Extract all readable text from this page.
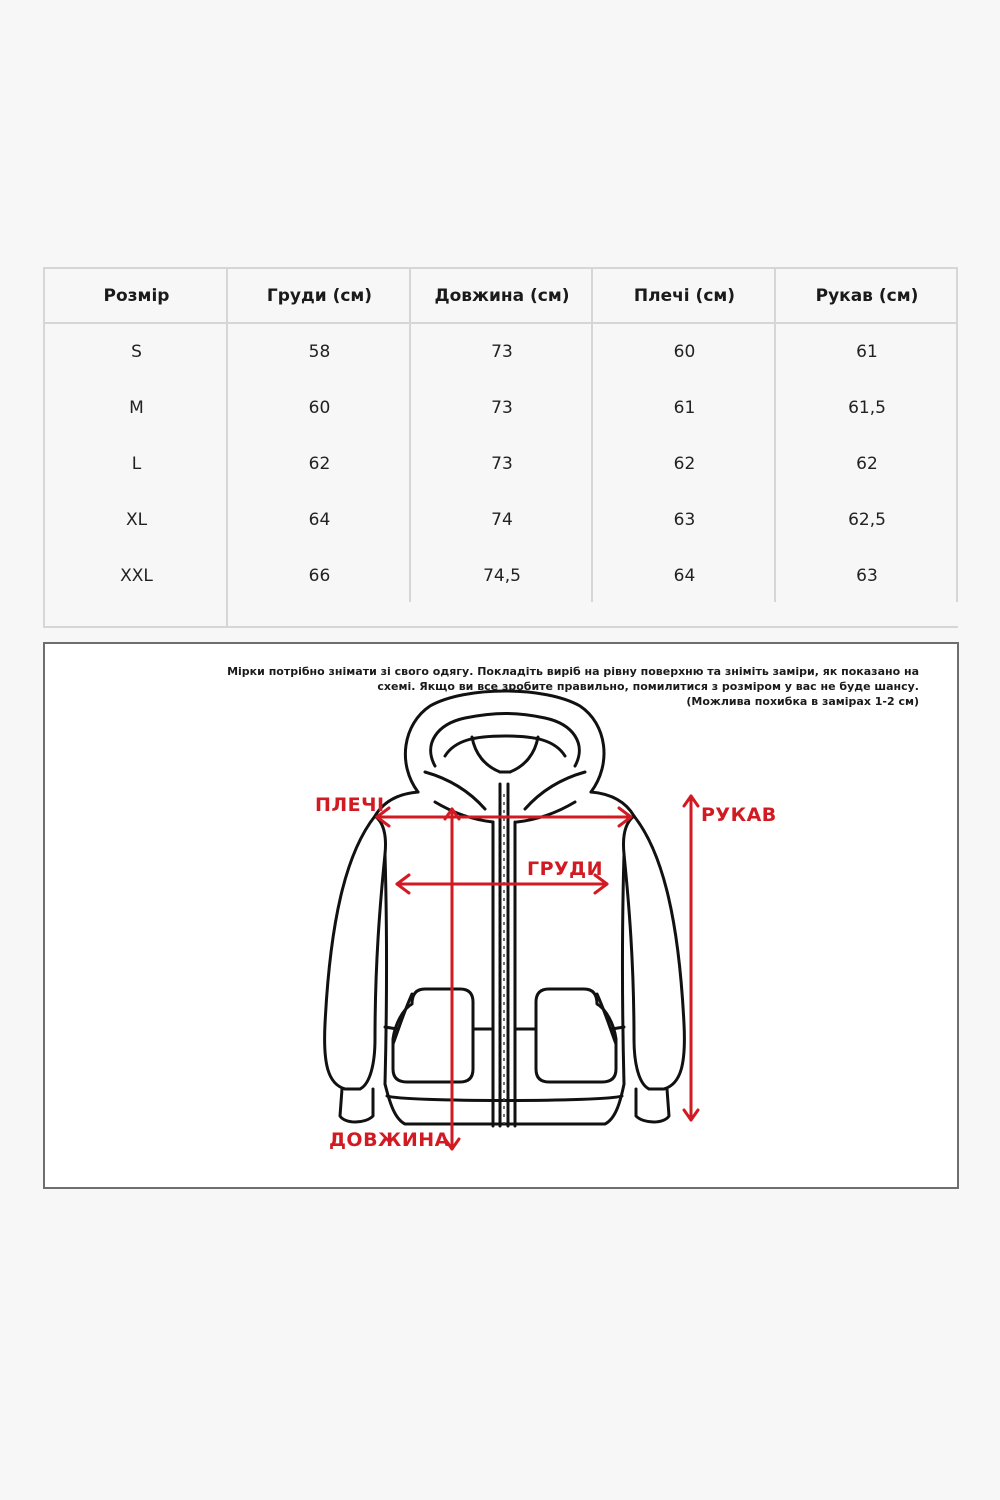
Розмір	Груди (см)	Довжина (см)	Плечі (см)	Рукав (см)
S	58	73	60	61
M	60	73	61	61,5
L	62	73	62	62
XL	64	74	63	62,5
XXL	66	74,5	64	63
Мірки потрібно знімати зі свого одягу. Покладіть виріб на рівну поверхню та зніміть заміри, як показано на
схемі. Якщо ви все зробите правильно, помилитися з розміром у вас не буде шансу.
(Можлива похибка в замірах 1-2 см)
ПЛЕЧІ
ГРУДИ
РУКАВ
ДОВЖИНА
